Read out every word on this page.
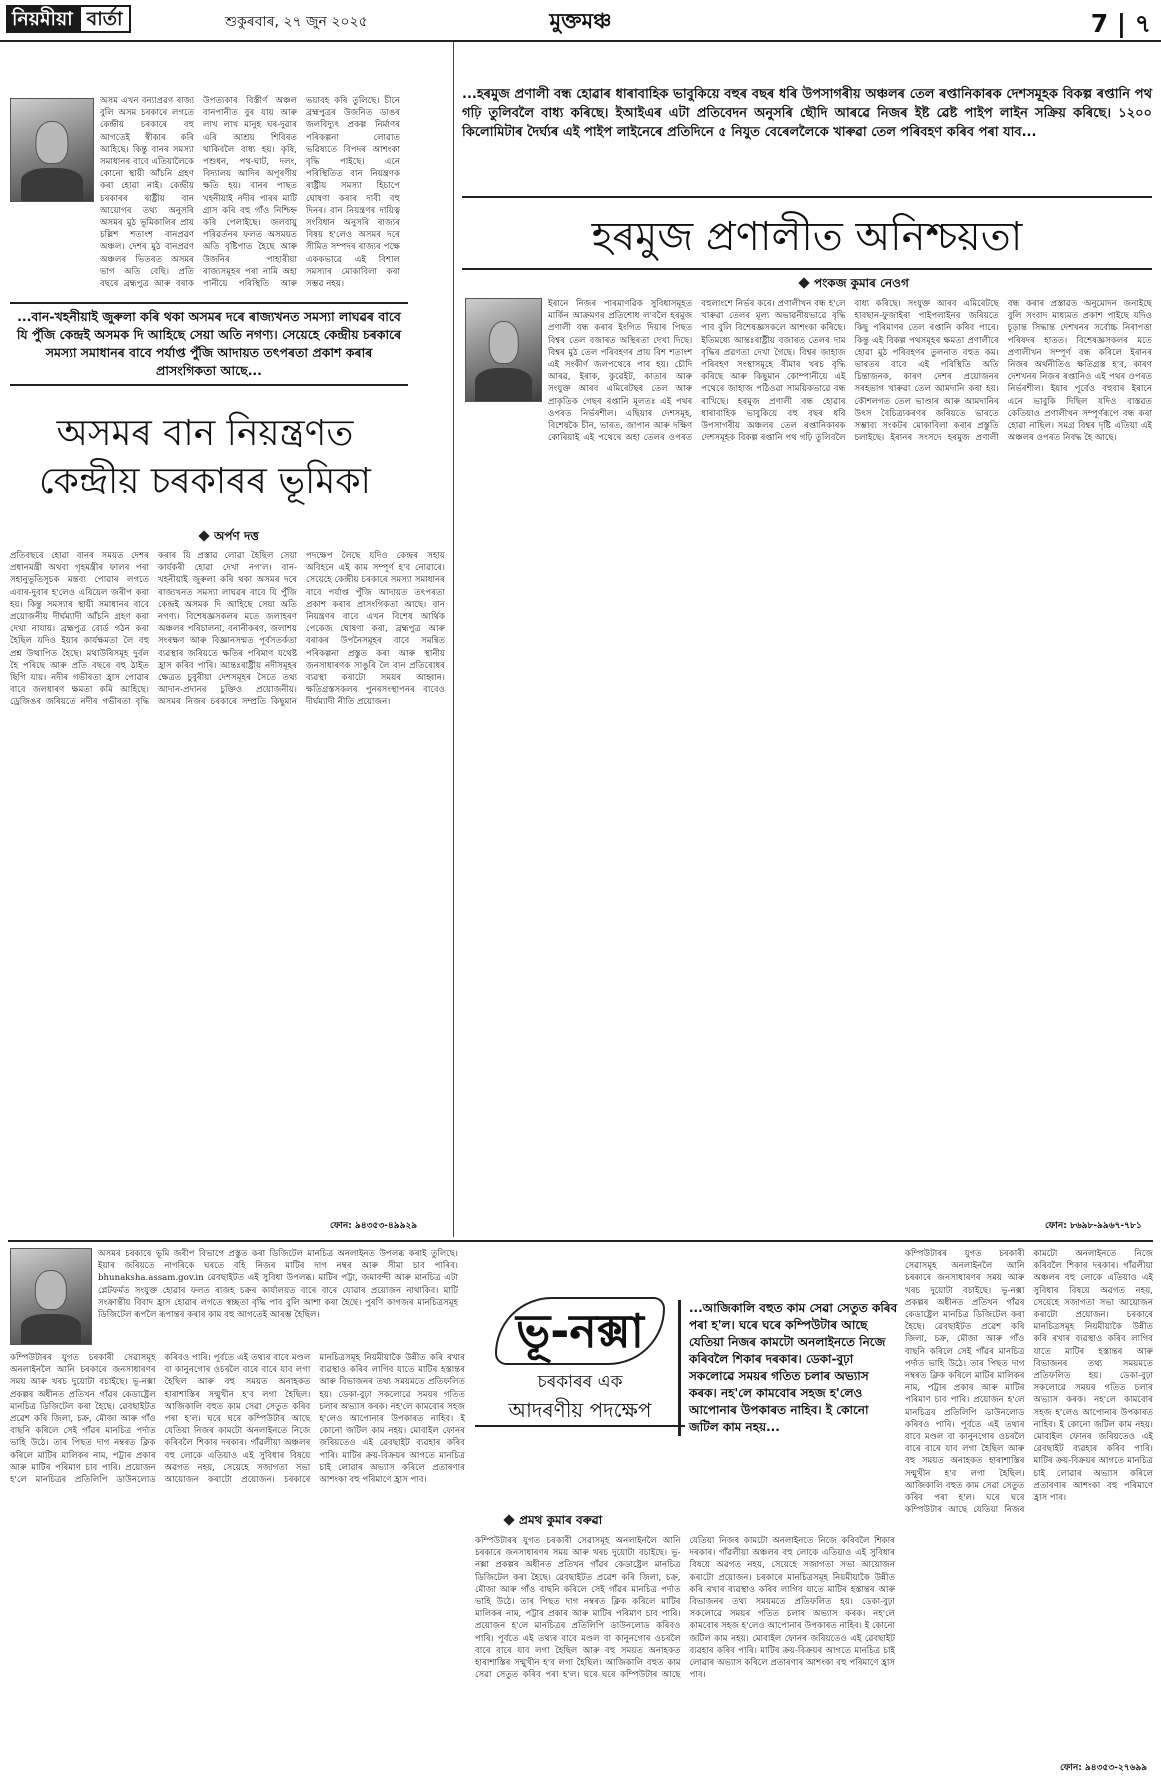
নিয়মীয়া বাৰ্তা	শুকুৰবাৰ, ২৭ জুন ২০২৫	মুক্তমঞ্চ	7 | ৭
অসম এখন বন্যাপ্ৰৱণ ৰাজ্য বুলি অসম চৰকাৰে লগতে কেন্দ্ৰীয় চৰকাৰে বহু আগতেই স্বীকাৰ কৰি আহিছে। কিন্তু বানৰ সমস্যা সমাধানৰ বাবে এতিয়ালৈকে কোনো স্থায়ী আঁচনি গ্ৰহণ কৰা হোৱা নাই। কেন্দ্ৰীয় চৰকাৰৰ ৰাষ্ট্ৰীয় বান আয়োগৰ তথ্য অনুসৰি অসমৰ মুঠ ভূমিকালিৰ প্ৰায় চল্লিশ শতাংশ বানপ্ৰৱণ অঞ্চল। দেশৰ মুঠ বানপ্ৰৱণ অঞ্চলৰ ভিতৰত অসমৰ ভাগ অতি বেছি। প্ৰতি বছৰে ব্ৰহ্মপুত্ৰ আৰু বৰাক উপত্যকাৰ বিস্তীৰ্ণ অঞ্চল বানপানীত বুৰ যায় আৰু লাখ লাখ মানুহ ঘৰ-দুৱাৰ এৰি আশ্ৰয় শিবিৰত থাকিবলৈ বাধ্য হয়। কৃষি, পশুধন, পথ-ঘাট, দলং, বিদ্যালয় আদিৰ অপূৰণীয় ক্ষতি হয়। বানৰ পাছত খহনীয়াই নদীৰ পাৰৰ মাটি গ্ৰাস কৰি বহু গাঁও নিশ্চিহ্ন কৰি পেলাইছে। জলবায়ু পৰিৱৰ্তনৰ ফলত অসময়ত অতি বৃষ্টিপাত হৈছে আৰু উজনিৰ পাহাৰীয়া ৰাজ্যসমূহৰ পৰা নামি অহা পানীয়ে পৰিস্থিতি আৰু ভয়াবহ কৰি তুলিছে। চীনে ব্ৰহ্মপুত্ৰৰ উজনিত ডাঙৰ জলবিদ্যুৎ প্ৰকল্প নিৰ্মাণৰ পৰিকল্পনা লোৱাত ভৱিষ্যতে বিপদৰ আশংকা বৃদ্ধি পাইছে। এনে পৰিস্থিতিত বান নিয়ন্ত্ৰণক ৰাষ্ট্ৰীয় সমস্যা হিচাপে ঘোষণা কৰাৰ দাবী বহু দিনৰ। বান নিয়ন্ত্ৰণৰ দায়িত্ব সংবিধান অনুসৰি ৰাজ্যৰ বিষয় হ'লেও অসমৰ দৰে সীমিত সম্পদৰ ৰাজ্যৰ পক্ষে এককভাৱে এই বিশাল সমস্যাৰ মোকাবিলা কৰা সম্ভৱ নহয়।
...বান-খহনীয়াই জুৰুলা কৰি থকা অসমৰ দৰে ৰাজ্যখনত সমস্যা লাঘৱৰ বাবে যি পুঁজি কেন্দ্ৰই অসমক দি আহিছে সেয়া অতি নগণ্য। সেয়েহে কেন্দ্ৰীয় চৰকাৰে সমস্যা সমাধানৰ বাবে পৰ্যাপ্ত পুঁজি আদায়ত তৎপৰতা প্ৰকাশ কৰাৰ প্ৰাসংগিকতা আছে...
অসমৰ বান নিয়ন্ত্ৰণত
কেন্দ্ৰীয় চৰকাৰৰ ভূমিকা
অৰ্পণ দত্ত
প্ৰতিবছৰে হোৱা বানৰ সময়ত দেশৰ প্ৰধানমন্ত্ৰী অথবা গৃহমন্ত্ৰীৰ ফালৰ পৰা সহানুভূতিসূচক মন্তব্য পোৱাৰ লগতে এবাৰ-দুবাৰ হ'লেও এৰিয়েল জৰীপ কৰা হয়। কিন্তু সমস্যাৰ স্থায়ী সমাধানৰ বাবে প্ৰয়োজনীয় দীৰ্ঘম্যাদী আঁচনি গ্ৰহণ কৰা দেখা নাযায়। ব্ৰহ্মপুত্ৰ বোৰ্ড গঠন কৰা হৈছিল যদিও ইয়াৰ কাৰ্যক্ষমতা লৈ বহু প্ৰশ্ন উত্থাপিত হৈছে। মথাউৰিসমূহ দুৰ্বল হৈ পৰিছে আৰু প্ৰতি বছৰে বহু ঠাইত ছিগি যায়। নদীৰ গভীৰতা হ্ৰাস পোৱাৰ বাবে জলধাৰণ ক্ষমতা কমি আহিছে। ড্ৰেজিঙৰ জৰিয়তে নদীৰ গভীৰতা বৃদ্ধি কৰাৰ যি প্ৰস্তাৱ লোৱা হৈছিল সেয়া কাৰ্যকৰী হোৱা দেখা নগ'ল। বান-খহনীয়াই জুৰুলা কৰি থকা অসমৰ দৰে ৰাজ্যখনত সমস্যা লাঘৱৰ বাবে যি পুঁজি কেন্দ্ৰই অসমক দি আহিছে সেয়া অতি নগণ্য। বিশেষজ্ঞসকলৰ মতে জলাহৰণ অঞ্চলৰ পৰিচালনা, বনানীকৰণ, জলাশয় সংৰক্ষণ আৰু বিজ্ঞানসন্মত পূৰ্বসতৰ্কতা ব্যৱস্থাৰ জৰিয়তে ক্ষতিৰ পৰিমাণ যথেষ্ট হ্ৰাস কৰিব পাৰি। আন্তঃৰাষ্ট্ৰীয় নদীসমূহৰ ক্ষেত্ৰত চুবুৰীয়া দেশসমূহৰ সৈতে তথ্য আদান-প্ৰদানৰ চুক্তিও প্ৰয়োজনীয়। অসমৰ নিজৰ চৰকাৰে সম্প্ৰতি কিছুমান পদক্ষেপ লৈছে যদিও কেন্দ্ৰৰ সহায় অবিহনে এই কাম সম্পূৰ্ণ হ'ব নোৱাৰে। সেয়েহে কেন্দ্ৰীয় চৰকাৰে সমস্যা সমাধানৰ বাবে পৰ্যাপ্ত পুঁজি আদায়ত তৎপৰতা প্ৰকাশ কৰাৰ প্ৰাসংগিকতা আছে। বান নিয়ন্ত্ৰণৰ বাবে এখন বিশেষ আৰ্থিক পেকেজ ঘোষণা কৰা, ব্ৰহ্মপুত্ৰ আৰু বৰাকৰ উপনৈসমূহৰ বাবে সমন্বিত পৰিকল্পনা প্ৰস্তুত কৰা আৰু স্থানীয় জনসাধাৰণক সাঙুৰি লৈ বান প্ৰতিৰোধৰ ব্যৱস্থা কৰাটো সময়ৰ আহ্বান। ক্ষতিগ্ৰস্তসকলৰ পুনৰসংস্থাপনৰ বাবেও দীৰ্ঘম্যাদী নীতি প্ৰয়োজন।
ফোন: ৯৪৩৫৩-৪৯৯২৯
...হৰমুজ প্ৰণালী বন্ধ হোৱাৰ ধাৰাবাহিক ভাবুকিয়ে বহুৰ বছৰ ধৰি উপসাগৰীয় অঞ্চলৰ তেল ৰপ্তানিকাৰক দেশসমূহক বিকল্প ৰপ্তানি পথ গঢ়ি তুলিবলৈ বাধ্য কৰিছে। ইআইএৰ এটা প্ৰতিবেদন অনুসৰি ছৌদি আৰৱে নিজৰ ইষ্ট ৱেষ্ট পাইপ লাইন সক্ৰিয় কৰিছে। ১২০০ কিলোমিটাৰ দৈৰ্ঘ্যৰ এই পাইপ লাইনেৰে প্ৰতিদিনে ৫ নিযুত বেৰেললৈকে খাৰুৱা তেল পৰিবহণ কৰিব পৰা যাব...
হৰমুজ প্ৰণালীত অনিশ্চয়তা
পংকজ কুমাৰ নেওগ
ইৰানে নিজৰ পাৰমাণৱিক সুবিধাসমূহত মাৰ্কিন আক্ৰমণৰ প্ৰতিশোধ ল'বলৈ হৰমুজ প্ৰণালী বন্ধ কৰাৰ ইংগিত দিয়াৰ পিছত বিশ্বৰ তেল বজাৰত অস্থিৰতা দেখা দিছে। বিশ্বৰ মুঠ তেল পৰিবহণৰ প্ৰায় বিশ শতাংশ এই সংকীৰ্ণ জলপথেৰে পাৰ হয়। চৌদি আৰৱ, ইৰাক, কুৱেইট, কাতাৰ আৰু সংযুক্ত আৰব এমিৰেটছৰ তেল আৰু প্ৰাকৃতিক গেছৰ ৰপ্তানি মূলতঃ এই পথৰ ওপৰত নিৰ্ভৰশীল। এছিয়াৰ দেশসমূহ, বিশেষকৈ চীন, ভাৰত, জাপান আৰু দক্ষিণ কোৰিয়াই এই পথেৰে অহা তেলৰ ওপৰত বহুলাংশে নিৰ্ভৰ কৰে। প্ৰণালীখন বন্ধ হ'লে খাৰুৱা তেলৰ মূল্য অভাৱনীয়ভাৱে বৃদ্ধি পাব বুলি বিশেষজ্ঞসকলে আশংকা কৰিছে। ইতিমধ্যে আন্তঃৰাষ্ট্ৰীয় বজাৰত তেলৰ দাম বৃদ্ধিৰ প্ৰৱণতা দেখা গৈছে। বিশ্বৰ জাহাজ পৰিবহণ সংস্থাসমূহে বীমাৰ খৰচ বৃদ্ধি কৰিছে আৰু কিছুমান কোম্পানীয়ে এই পথেৰে জাহাজ পঠিওৱা সাময়িকভাৱে বন্ধ ৰাখিছে। হৰমুজ প্ৰণালী বন্ধ হোৱাৰ ধাৰাবাহিক ভাবুকিয়ে বহু বছৰ ধৰি উপসাগৰীয় অঞ্চলৰ তেল ৰপ্তানিকাৰক দেশসমূহক বিকল্প ৰপ্তানি পথ গঢ়ি তুলিবলৈ বাধ্য কৰিছে। সংযুক্ত আৰব এমিৰেটছে হাবছান-ফুজাইৰা পাইপলাইনৰ জৰিয়তে কিছু পৰিমাণৰ তেল ৰপ্তানি কৰিব পাৰে। কিন্তু এই বিকল্প পথসমূহৰ ক্ষমতা প্ৰণালীৰে হোৱা মুঠ পৰিবহণৰ তুলনাত বহুত কম। ভাৰতৰ বাবে এই পৰিস্থিতি অতি চিন্তাজনক, কাৰণ দেশৰ প্ৰয়োজনৰ সৰহভাগ খাৰুৱা তেল আমদানি কৰা হয়। কৌশলগত তেল ভাণ্ডাৰ আৰু আমদানিৰ উৎস বৈচিত্ৰ্যকৰণৰ জৰিয়তে ভাৰতে সম্ভাব্য সংকটৰ মোকাবিলা কৰাৰ প্ৰস্তুতি চলাইছে। ইৰানৰ সংসদে হৰমুজ প্ৰণালী বন্ধ কৰাৰ প্ৰস্তাৱত অনুমোদন জনাইছে বুলি সংবাদ মাধ্যমত প্ৰকাশ পাইছে যদিও চূড়ান্ত সিদ্ধান্ত দেশখনৰ সৰ্বোচ্চ নিৰাপত্তা পৰিষদৰ হাতত। বিশেষজ্ঞসকলৰ মতে প্ৰণালীখন সম্পূৰ্ণ বন্ধ কৰিলে ইৰানৰ নিজৰ অৰ্থনীতিও ক্ষতিগ্ৰস্ত হ'ব, কাৰণ দেশখনৰ নিজৰ ৰপ্তানিও এই পথৰ ওপৰত নিৰ্ভৰশীল। ইয়াৰ পূৰ্বেও বহুবাৰ ইৰানে এনে ভাবুকি দিছিল যদিও বাস্তৱত কেতিয়াও প্ৰণালীখন সম্পূৰ্ণৰূপে বন্ধ কৰা হোৱা নাছিল। সমগ্ৰ বিশ্বৰ দৃষ্টি এতিয়া এই অঞ্চলৰ ওপৰত নিবদ্ধ হৈ আছে।
ফোন: ৮৬৯৮-৯৯৬৭-৭৮১
অসমৰ চৰকাৰে ভূমি জৰীপ বিভাগে প্ৰস্তুত কৰা ডিজিটেল মানচিত্ৰ অনলাইনত উপলব্ধ কৰাই তুলিছে। ইয়াৰ জৰিয়তে নাগৰিকে ঘৰতে বহি নিজৰ মাটিৰ দাগ নম্বৰ আৰু সীমা চাব পাৰিব। bhunaksha.assam.gov.in ৱেবছাইটত এই সুবিধা উপলব্ধ। মাটিৰ পট্টা, জমাবন্দী আৰু মানচিত্ৰ এটা প্লেটফৰ্মত সংযুক্ত হোৱাৰ ফলত ৰাজহ চক্ৰৰ কাৰ্যালয়ত বাৰে বাৰে যোৱাৰ প্ৰয়োজন নাথাকিব। মাটি সংক্ৰান্তীয় বিবাদ হ্ৰাস হোৱাৰ লগতে স্বচ্ছতা বৃদ্ধি পাব বুলি আশা কৰা হৈছে। পুৰণি কাগজৰ মানচিত্ৰসমূহ ডিজিটেল ৰূপলৈ ৰূপান্তৰ কৰাৰ কাম বহু আগতেই আৰম্ভ হৈছিল।
কম্পিউটাৰৰ যুগত চৰকাৰী সেৱাসমূহ অনলাইনলৈ আনি চৰকাৰে জনসাধাৰণৰ সময় আৰু খৰচ দুয়োটা বচাইছে। ভূ-নক্সা প্ৰকল্পৰ অধীনত প্ৰতিখন গাঁৱৰ কেডাষ্ট্ৰেল মানচিত্ৰ ডিজিটেল কৰা হৈছে। ৱেবছাইটত প্ৰৱেশ কৰি জিলা, চক্ৰ, মৌজা আৰু গাঁও বাছনি কৰিলে সেই গাঁৱৰ মানচিত্ৰ পৰ্দাত ভাহি উঠে। তাৰ পিছত দাগ নম্বৰত ক্লিক কৰিলে মাটিৰ মালিকৰ নাম, পট্টাৰ প্ৰকাৰ আৰু মাটিৰ পৰিমাণ চাব পাৰি। প্ৰয়োজন হ'লে মানচিত্ৰৰ প্ৰতিলিপি ডাউনলোড কৰিবও পাৰি। পূৰ্বতে এই তথ্যৰ বাবে মণ্ডল বা কানুনগোৰ ওচৰলৈ বাৰে বাৰে যাব লগা হৈছিল আৰু বহু সময়ত অনাহকত হাৰাশাস্তিৰ সন্মুখীন হ'ব লগা হৈছিল। আজিকালি বহুত কাম সেৱা সেতুত কৰিব পৰা হ'ল। ঘৰে ঘৰে কম্পিউটাৰ আছে যেতিয়া নিজৰ কামটো অনলাইনতে নিজে কৰিবলৈ শিকাৰ দৰকাৰ। গাঁৱলীয়া অঞ্চলৰ বহু লোকে এতিয়াও এই সুবিধাৰ বিষয়ে অৱগত নহয়, সেয়েহে সজাগতা সভা আয়োজন কৰাটো প্ৰয়োজন। চৰকাৰে মানচিত্ৰসমূহ নিয়মীয়াকৈ উন্নীত কৰি ৰখাৰ ব্যৱস্থাও কৰিব লাগিব যাতে মাটিৰ হস্তান্তৰ আৰু বিভাজনৰ তথ্য সময়মতে প্ৰতিফলিত হয়। ডেকা-বুঢ়া সকলোৱে সময়ৰ গতিত চলাৰ অভ্যাস কৰক। নহ'লে কামবোৰ সহজ হ'লেও আপোনাৰ উপকাৰত নাহিব। ই কোনো জটিল কাম নহয়। মোবাইল ফোনৰ জৰিয়তেও এই ৱেবছাইট ব্যৱহাৰ কৰিব পাৰি। মাটিৰ ক্ৰয়-বিক্ৰয়ৰ আগতে মানচিত্ৰ চাই লোৱাৰ অভ্যাস কৰিলে প্ৰতাৰণাৰ আশংকা বহু পৰিমাণে হ্ৰাস পাব।
ভূ-নক্সা
চৰকাৰৰ এক
আদৰণীয় পদক্ষেপ
...আজিকালি বহুত কাম সেৱা সেতুত কৰিব পৰা হ'ল। ঘৰে ঘৰে কম্পিউটাৰ আছে যেতিয়া নিজৰ কামটো অনলাইনতে নিজে কৰিবলৈ শিকাৰ দৰকাৰ। ডেকা-বুঢ়া সকলোৱে সময়ৰ গতিত চলাৰ অভ্যাস কৰক। নহ'লে কামবোৰ সহজ হ'লেও আপোনাৰ উপকাৰত নাহিব। ই কোনো জটিল কাম নহয়...
প্ৰমথ কুমাৰ বৰুৱা
কম্পিউটাৰৰ যুগত চৰকাৰী সেৱাসমূহ অনলাইনলৈ আনি চৰকাৰে জনসাধাৰণৰ সময় আৰু খৰচ দুয়োটা বচাইছে। ভূ-নক্সা প্ৰকল্পৰ অধীনত প্ৰতিখন গাঁৱৰ কেডাষ্ট্ৰেল মানচিত্ৰ ডিজিটেল কৰা হৈছে। ৱেবছাইটত প্ৰৱেশ কৰি জিলা, চক্ৰ, মৌজা আৰু গাঁও বাছনি কৰিলে সেই গাঁৱৰ মানচিত্ৰ পৰ্দাত ভাহি উঠে। তাৰ পিছত দাগ নম্বৰত ক্লিক কৰিলে মাটিৰ মালিকৰ নাম, পট্টাৰ প্ৰকাৰ আৰু মাটিৰ পৰিমাণ চাব পাৰি। প্ৰয়োজন হ'লে মানচিত্ৰৰ প্ৰতিলিপি ডাউনলোড কৰিবও পাৰি। পূৰ্বতে এই তথ্যৰ বাবে মণ্ডল বা কানুনগোৰ ওচৰলৈ বাৰে বাৰে যাব লগা হৈছিল আৰু বহু সময়ত অনাহকত হাৰাশাস্তিৰ সন্মুখীন হ'ব লগা হৈছিল। আজিকালি বহুত কাম সেৱা সেতুত কৰিব পৰা হ'ল। ঘৰে ঘৰে কম্পিউটাৰ আছে যেতিয়া নিজৰ কামটো অনলাইনতে নিজে কৰিবলৈ শিকাৰ দৰকাৰ। গাঁৱলীয়া অঞ্চলৰ বহু লোকে এতিয়াও এই সুবিধাৰ বিষয়ে অৱগত নহয়, সেয়েহে সজাগতা সভা আয়োজন কৰাটো প্ৰয়োজন। চৰকাৰে মানচিত্ৰসমূহ নিয়মীয়াকৈ উন্নীত কৰি ৰখাৰ ব্যৱস্থাও কৰিব লাগিব যাতে মাটিৰ হস্তান্তৰ আৰু বিভাজনৰ তথ্য সময়মতে প্ৰতিফলিত হয়। ডেকা-বুঢ়া সকলোৱে সময়ৰ গতিত চলাৰ অভ্যাস কৰক। নহ'লে কামবোৰ সহজ হ'লেও আপোনাৰ উপকাৰত নাহিব। ই কোনো জটিল কাম নহয়। মোবাইল ফোনৰ জৰিয়তেও এই ৱেবছাইট ব্যৱহাৰ কৰিব পাৰি। মাটিৰ ক্ৰয়-বিক্ৰয়ৰ আগতে মানচিত্ৰ চাই লোৱাৰ অভ্যাস কৰিলে প্ৰতাৰণাৰ আশংকা বহু পৰিমাণে হ্ৰাস পাব।
কম্পিউটাৰৰ যুগত চৰকাৰী সেৱাসমূহ অনলাইনলৈ আনি চৰকাৰে জনসাধাৰণৰ সময় আৰু খৰচ দুয়োটা বচাইছে। ভূ-নক্সা প্ৰকল্পৰ অধীনত প্ৰতিখন গাঁৱৰ কেডাষ্ট্ৰেল মানচিত্ৰ ডিজিটেল কৰা হৈছে। ৱেবছাইটত প্ৰৱেশ কৰি জিলা, চক্ৰ, মৌজা আৰু গাঁও বাছনি কৰিলে সেই গাঁৱৰ মানচিত্ৰ পৰ্দাত ভাহি উঠে। তাৰ পিছত দাগ নম্বৰত ক্লিক কৰিলে মাটিৰ মালিকৰ নাম, পট্টাৰ প্ৰকাৰ আৰু মাটিৰ পৰিমাণ চাব পাৰি। প্ৰয়োজন হ'লে মানচিত্ৰৰ প্ৰতিলিপি ডাউনলোড কৰিবও পাৰি। পূৰ্বতে এই তথ্যৰ বাবে মণ্ডল বা কানুনগোৰ ওচৰলৈ বাৰে বাৰে যাব লগা হৈছিল আৰু বহু সময়ত অনাহকত হাৰাশাস্তিৰ সন্মুখীন হ'ব লগা হৈছিল। আজিকালি বহুত কাম সেৱা সেতুত কৰিব পৰা হ'ল। ঘৰে ঘৰে কম্পিউটাৰ আছে যেতিয়া নিজৰ কামটো অনলাইনতে নিজে কৰিবলৈ শিকাৰ দৰকাৰ। গাঁৱলীয়া অঞ্চলৰ বহু লোকে এতিয়াও এই সুবিধাৰ বিষয়ে অৱগত নহয়, সেয়েহে সজাগতা সভা আয়োজন কৰাটো প্ৰয়োজন। চৰকাৰে মানচিত্ৰসমূহ নিয়মীয়াকৈ উন্নীত কৰি ৰখাৰ ব্যৱস্থাও কৰিব লাগিব যাতে মাটিৰ হস্তান্তৰ আৰু বিভাজনৰ তথ্য সময়মতে প্ৰতিফলিত হয়। ডেকা-বুঢ়া সকলোৱে সময়ৰ গতিত চলাৰ অভ্যাস কৰক। নহ'লে কামবোৰ সহজ হ'লেও আপোনাৰ উপকাৰত নাহিব। ই কোনো জটিল কাম নহয়। মোবাইল ফোনৰ জৰিয়তেও এই ৱেবছাইট ব্যৱহাৰ কৰিব পাৰি। মাটিৰ ক্ৰয়-বিক্ৰয়ৰ আগতে মানচিত্ৰ চাই লোৱাৰ অভ্যাস কৰিলে প্ৰতাৰণাৰ আশংকা বহু পৰিমাণে হ্ৰাস পাব।
ফোন: ৯৪৩৫৩-২৭৬৯৯
